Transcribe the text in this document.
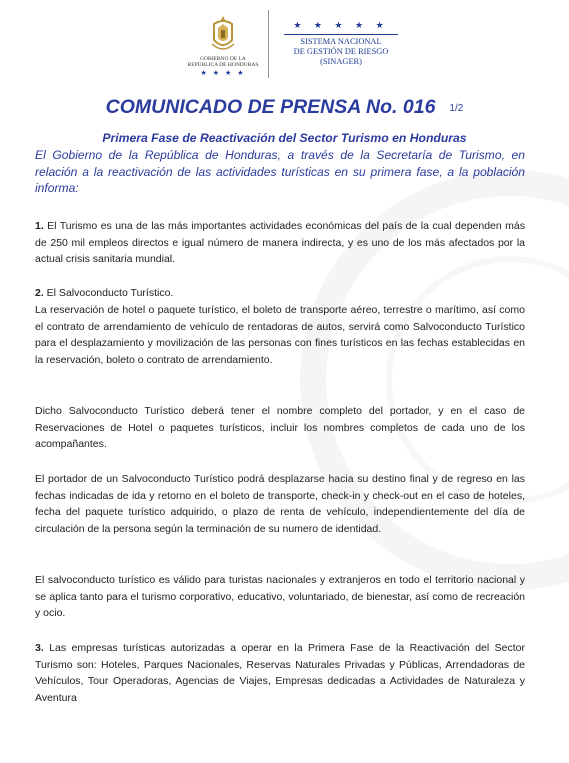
GOBIERNO DE LA
REPÚBLICA DE HONDURAS
★ ★ ★ ★
★ ★ ★ ★ ★
SISTEMA NACIONAL
DE GESTIÓN DE RIESGO
(SINAGER)
COMUNICADO DE PRENSA No. 016 1/2
Primera Fase de Reactivación del Sector Turismo en Honduras
El Gobierno de la República de Honduras, a través de la Secretaría de Turismo, en relación a la reactivación de las actividades turísticas en su primera fase, a la población informa:
1. El Turismo es una de las más importantes actividades económicas del país de la cual dependen más de 250 mil empleos directos e igual número de manera indirecta, y es uno de los más afectados por la actual crisis sanitaria mundial.
2. El Salvoconducto Turístico.
La reservación de hotel o paquete turístico, el boleto de transporte aéreo, terrestre o marítimo, así como el contrato de arrendamiento de vehículo de rentadoras de autos, servirá como Salvoconducto Turístico para el desplazamiento y movilización de las personas con fines turísticos en las fechas establecidas en la reservación, boleto o contrato de arrendamiento.
Dicho Salvoconducto Turístico deberá tener el nombre completo del portador, y en el caso de Reservaciones de Hotel o paquetes turísticos, incluir los nombres completos de cada uno de los acompañantes.
El portador de un Salvoconducto Turístico podrá desplazarse hacia su destino final y de regreso en las fechas indicadas de ida y retorno en el boleto de transporte, check-in y check-out en el caso de hoteles, fecha del paquete turístico adquirido, o plazo de renta de vehículo, independientemente del día de circulación de la persona según la terminación de su numero de identidad.
El salvoconducto turístico es válido para turistas nacionales y extranjeros en todo el territorio nacional y se aplica tanto para el turismo corporativo, educativo, voluntariado, de bienestar, así como de recreación y ocio.
3. Las empresas turísticas autorizadas a operar en la Primera Fase de la Reactivación del Sector Turismo son: Hoteles, Parques Nacionales, Reservas Naturales Privadas y Públicas, Arrendadoras de Vehículos, Tour Operadoras, Agencias de Viajes, Empresas dedicadas a Actividades de Naturaleza y Aventura
